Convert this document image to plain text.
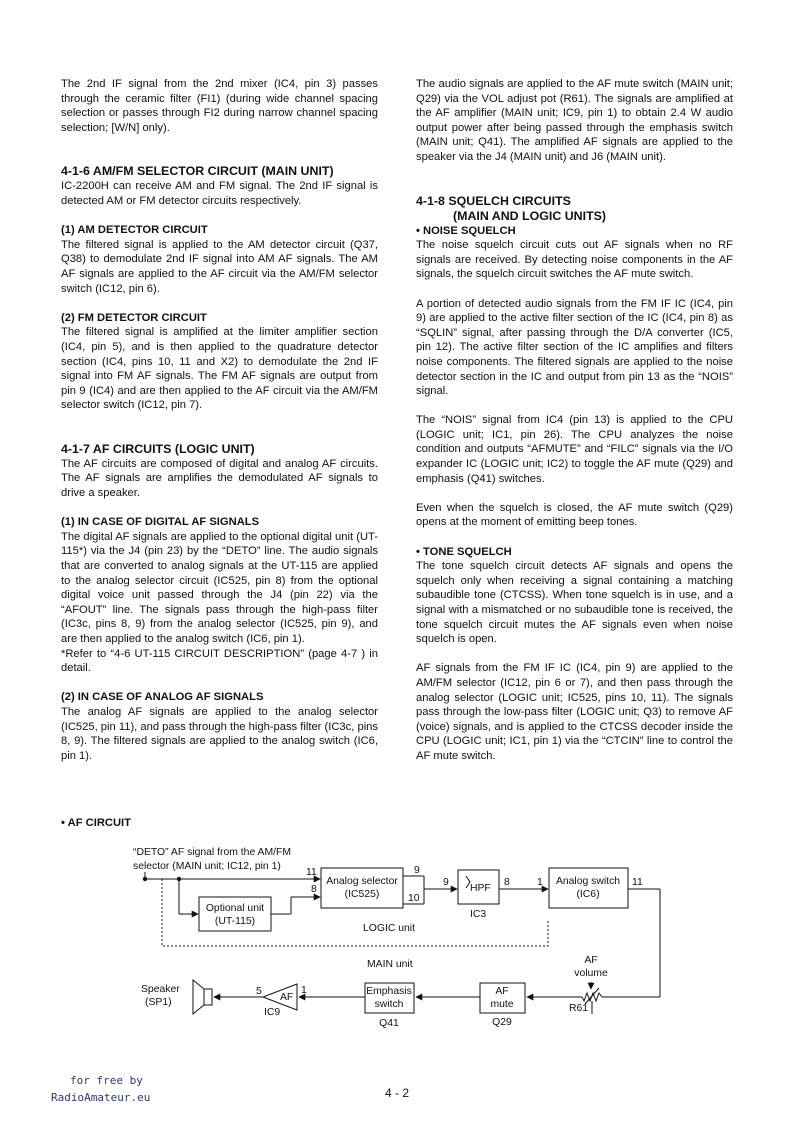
The 2nd IF signal from the 2nd mixer (IC4, pin 3) passes through the ceramic filter (FI1) (during wide channel spacing selection or passes through FI2 during narrow channel spacing selection; [W/N] only).

4-1-6 AM/FM SELECTOR CIRCUIT (MAIN UNIT)

IC-2200H can receive AM and FM signal. The 2nd IF signal is detected AM or FM detector circuits respectively.

(1) AM DETECTOR CIRCUIT

The filtered signal is applied to the AM detector circuit (Q37, Q38) to demodulate 2nd IF signal into AM AF signals. The AM AF signals are applied to the AF circuit via the AM/FM selector switch (IC12, pin 6).

(2) FM DETECTOR CIRCUIT

The filtered signal is amplified at the limiter amplifier section (IC4, pin 5), and is then applied to the quadrature detector section (IC4, pins 10, 11 and X2) to demodulate the 2nd IF signal into FM AF signals. The FM AF signals are output from pin 9 (IC4) and are then applied to the AF circuit via the AM/FM selector switch (IC12, pin 7).

4-1-7 AF CIRCUITS (LOGIC UNIT)

The AF circuits are composed of digital and analog AF circuits. The AF signals are amplifies the demodulated AF signals to drive a speaker.

(1) IN CASE OF DIGITAL AF SIGNALS

The digital AF signals are applied to the optional digital unit (UT-115*) via the J4 (pin 23) by the “DETO” line. The audio signals that are converted to analog signals at the UT-115 are applied to the analog selector circuit (IC525, pin 8) from the optional digital voice unit passed through the J4 (pin 22) via the “AFOUT” line. The signals pass through the high-pass filter (IC3c, pins 8, 9) from the analog selector (IC525, pin 9), and are then applied to the analog switch (IC6, pin 1).

*Refer to “4-6 UT-115 CIRCUIT DESCRIPTION” (page 4-7 ) in detail.

(2) IN CASE OF ANALOG AF SIGNALS

The analog AF signals are applied to the analog selector (IC525, pin 11), and pass through the high-pass filter (IC3c, pins 8, 9). The filtered signals are applied to the analog switch (IC6, pin 1).

The audio signals are applied to the AF mute switch (MAIN unit; Q29) via the VOL adjust pot (R61). The signals are amplified at the AF amplifier (MAIN unit; IC9, pin 1) to obtain 2.4 W audio output power after being passed through the emphasis switch (MAIN unit; Q41). The amplified AF signals are applied to the speaker via the J4 (MAIN unit) and J6 (MAIN unit).

4-1-8 SQUELCH CIRCUITS
(MAIN AND LOGIC UNITS)
• NOISE SQUELCH

The noise squelch circuit cuts out AF signals when no RF signals are received. By detecting noise components in the AF signals, the squelch circuit switches the AF mute switch.

A portion of detected audio signals from the FM IF IC (IC4, pin 9) are applied to the active filter section of the IC (IC4, pin 8) as “SQLIN” signal, after passing through the D/A converter (IC5, pin 12). The active filter section of the IC amplifies and filters noise components. The filtered signals are applied to the noise detector section in the IC and output from pin 13 as the “NOIS” signal.

The “NOIS” signal from IC4 (pin 13) is applied to the CPU (LOGIC unit; IC1, pin 26). The CPU analyzes the noise condition and outputs “AFMUTE” and “FILC” signals via the I/O expander IC (LOGIC unit; IC2) to toggle the AF mute (Q29) and emphasis (Q41) switches.

Even when the squelch is closed, the AF mute switch (Q29) opens at the moment of emitting beep tones.

• TONE SQUELCH

The tone squelch circuit detects AF signals and opens the squelch only when receiving a signal containing a matching subaudible tone (CTCSS). When tone squelch is in use, and a signal with a mismatched or no subaudible tone is received, the tone squelch circuit mutes the AF signals even when noise squelch is open.

AF signals from the FM IF IC (IC4, pin 9) are applied to the AM/FM selector (IC12, pin 6 or 7), and then pass through the analog selector (LOGIC unit; IC525, pins 10, 11). The signals pass through the low-pass filter (LOGIC unit; Q3) to remove AF (voice) signals, and is applied to the CTCSS decoder inside the CPU (LOGIC unit; IC1, pin 1) via the “CTCIN” line to control the AF mute switch.

• AF CIRCUIT
“DETO” AF signal from the AM/FM
selector (MAIN unit; IC12, pin 1)
Optional unit
(UT-115)
Analog selector
(IC525)
11
8
9
10
9
HPF
IC3
8	1 Analog switch
(IC6)
11
LOGIC unit
MAIN unit	AF
volume
R61
AF
mute
Q29
Emphasis
switch
Q41
1
AF
5
IC9
Speaker
(SP1)
for free by
RadioAmateur.eu	4 - 2
